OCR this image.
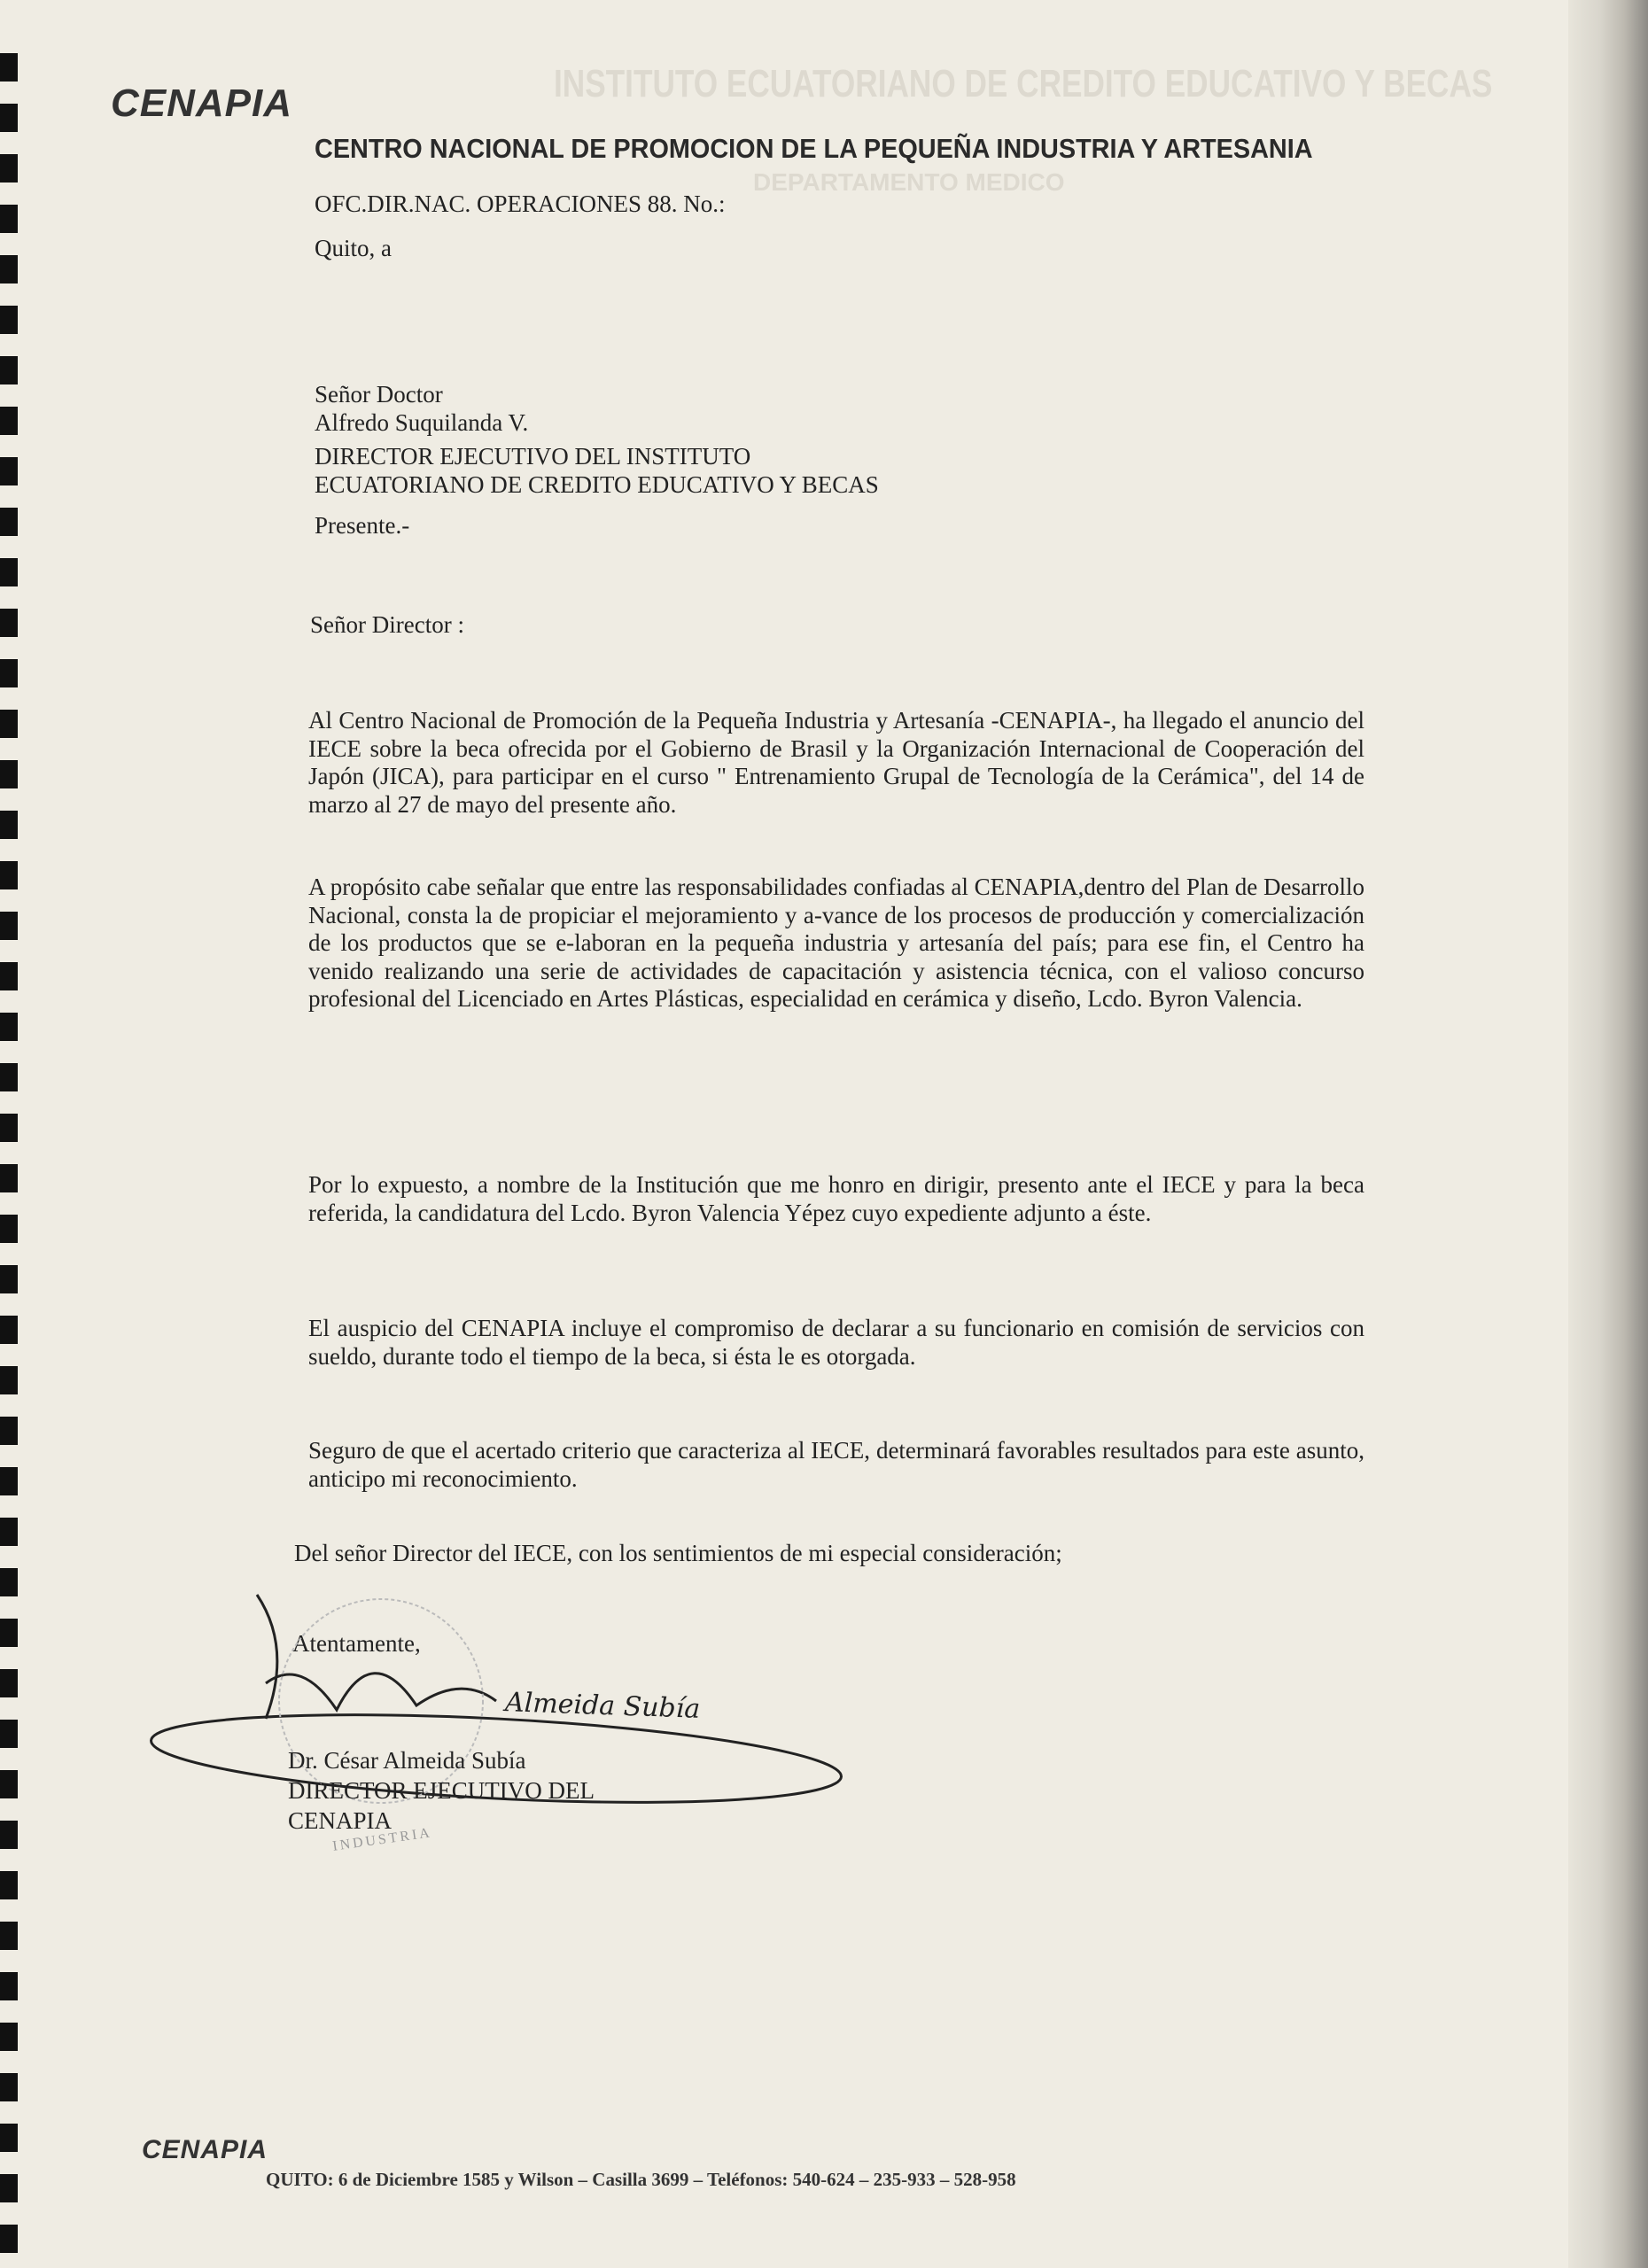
INSTITUTO ECUATORIANO DE CREDITO EDUCATIVO Y BECAS
DEPARTAMENTO MEDICO
CENAPIA
CENTRO NACIONAL DE PROMOCION DE LA PEQUEÑA INDUSTRIA Y ARTESANIA
OFC.DIR.NAC. OPERACIONES 88. No.:
Quito, a
Señor Doctor
Alfredo Suquilanda V.
DIRECTOR EJECUTIVO DEL INSTITUTO
ECUATORIANO DE CREDITO EDUCATIVO Y BECAS
Presente.-
Señor Director :
Al Centro Nacional de Promoción de la Pequeña Industria y Artesanía -CENAPIA-, ha llegado el anuncio del IECE sobre la beca ofrecida por el Gobierno de Brasil y la Organización Internacional de Cooperación del Japón (JICA), para participar en el curso " Entrenamiento Grupal de Tecnología de la Cerámica", del 14 de marzo al 27 de mayo del presente año.
A propósito cabe señalar que entre las responsabilidades confiadas al CENAPIA,dentro del Plan de Desarrollo Nacional, consta la de propiciar el mejoramiento y a-vance de los procesos de producción y comercialización de los productos que se e-laboran en la pequeña industria y artesanía del país; para ese fin, el Centro ha venido realizando una serie de actividades de capacitación y asistencia técnica, con el valioso concurso profesional del Licenciado en Artes Plásticas, especialidad en cerámica y diseño, Lcdo. Byron Valencia.
Por lo expuesto, a nombre de la Institución que me honro en dirigir, presento ante el IECE y para la beca referida, la candidatura del Lcdo. Byron Valencia Yépez cuyo expediente adjunto a éste.
El auspicio del CENAPIA incluye el compromiso de declarar a su funcionario en comisión de servicios con sueldo, durante todo el tiempo de la beca, si ésta le es otorgada.
Seguro de que el acertado criterio que caracteriza al IECE, determinará favorables resultados para este asunto, anticipo mi reconocimiento.
Del señor Director del IECE, con los sentimientos de mi especial consideración;
Atentamente,
Almeida Subía
INDUSTRIA
Dr. César Almeida Subía
DIRECTOR EJECUTIVO DEL
CENAPIA
CENAPIA
QUITO: 6 de Diciembre 1585 y Wilson – Casilla 3699 – Teléfonos: 540-624 – 235-933 – 528-958
